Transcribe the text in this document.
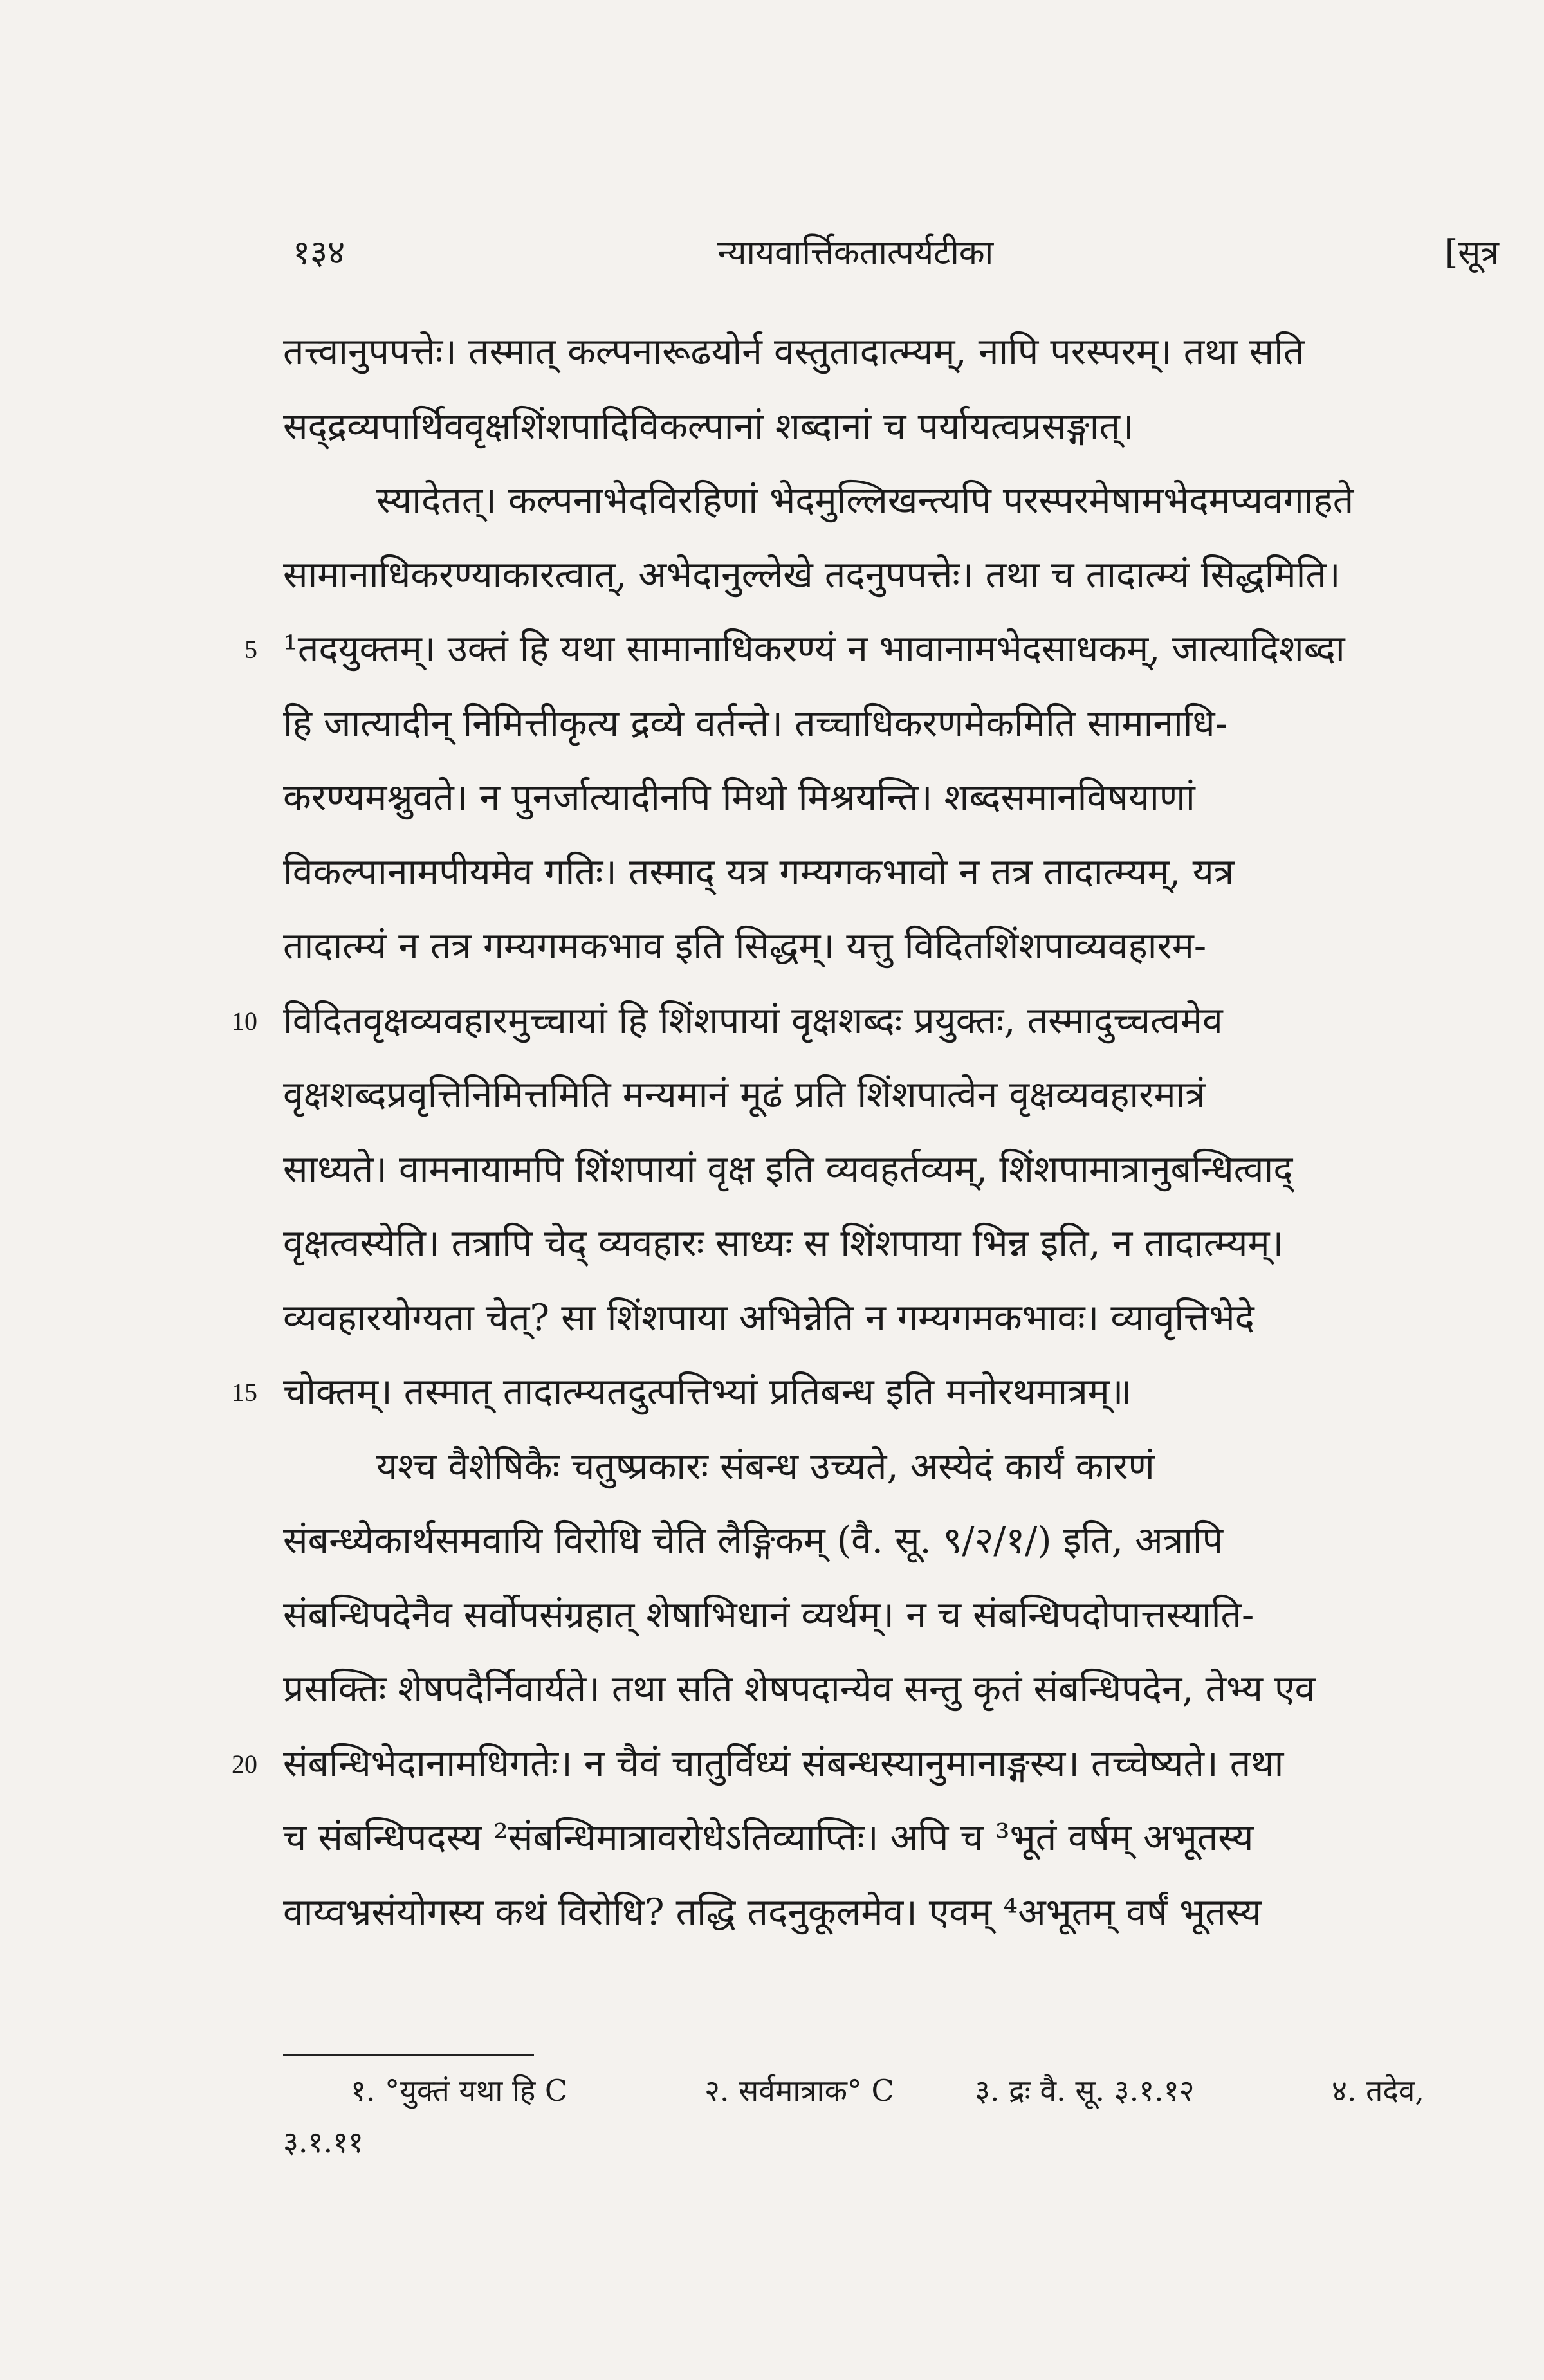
१३४	न्यायवार्त्तिकतात्पर्यटीका	[सूत्र
तत्त्वानुपपत्तेः। तस्मात् कल्पनारूढयोर्न वस्तुतादात्म्यम्, नापि परस्परम्। तथा सति
सद्द्रव्यपार्थिववृक्षशिंशपादिविकल्पानां शब्दानां च पर्यायत्वप्रसङ्गात्।
स्यादेतत्। कल्पनाभेदविरहिणां भेदमुल्लिखन्त्यपि परस्परमेषामभेदमप्यवगाहते
सामानाधिकरण्याकारत्वात्, अभेदानुल्लेखे तदनुपपत्तेः। तथा च तादात्म्यं सिद्धमिति।
5 ¹तदयुक्तम्। उक्तं हि यथा सामानाधिकरण्यं न भावानामभेदसाधकम्, जात्यादिशब्दा
हि जात्यादीन् निमित्तीकृत्य द्रव्ये वर्तन्ते। तच्चाधिकरणमेकमिति सामानाधि-
करण्यमश्नुवते। न पुनर्जात्यादीनपि मिथो मिश्रयन्ति। शब्दसमानविषयाणां
विकल्पानामपीयमेव गतिः। तस्माद् यत्र गम्यगकभावो न तत्र तादात्म्यम्, यत्र
तादात्म्यं न तत्र गम्यगमकभाव इति सिद्धम्। यत्तु विदितशिंशपाव्यवहारम-
10 विदितवृक्षव्यवहारमुच्चायां हि शिंशपायां वृक्षशब्दः प्रयुक्तः, तस्मादुच्चत्वमेव
वृक्षशब्दप्रवृत्तिनिमित्तमिति मन्यमानं मूढं प्रति शिंशपात्वेन वृक्षव्यवहारमात्रं
साध्यते। वामनायामपि शिंशपायां वृक्ष इति व्यवहर्तव्यम्, शिंशपामात्रानुबन्धित्वाद्
वृक्षत्वस्येति। तत्रापि चेद् व्यवहारः साध्यः स शिंशपाया भिन्न इति, न तादात्म्यम्।
व्यवहारयोग्यता चेत्? सा शिंशपाया अभिन्नेति न गम्यगमकभावः। व्यावृत्तिभेदे
15 चोक्तम्। तस्मात् तादात्म्यतदुत्पत्तिभ्यां प्रतिबन्ध इति मनोरथमात्रम्॥
यश्च वैशेषिकैः चतुष्प्रकारः संबन्ध उच्यते, अस्येदं कार्यं कारणं
संबन्ध्येकार्थसमवायि विरोधि चेति लैङ्गिकम् (वै. सू. ९/२/१/) इति, अत्रापि
संबन्धिपदेनैव सर्वोपसंग्रहात् शेषाभिधानं व्यर्थम्। न च संबन्धिपदोपात्तस्याति-
प्रसक्तिः शेषपदैर्निवार्यते। तथा सति शेषपदान्येव सन्तु कृतं संबन्धिपदेन, तेभ्य एव
20 संबन्धिभेदानामधिगतेः। न चैवं चातुर्विध्यं संबन्धस्यानुमानाङ्गस्य। तच्चेष्यते। तथा
च संबन्धिपदस्य ²संबन्धिमात्रावरोधेऽतिव्याप्तिः। अपि च ³भूतं वर्षम् अभूतस्य
वाय्वभ्रसंयोगस्य कथं विरोधि? तद्धि तदनुकूलमेव। एवम् ⁴अभूतम् वर्षं भूतस्य
१. °युक्तं यथा हि C	२. सर्वमात्राक° C	३. द्रः वै. सू. ३.१.१२	४. तदेव,
३.१.११
